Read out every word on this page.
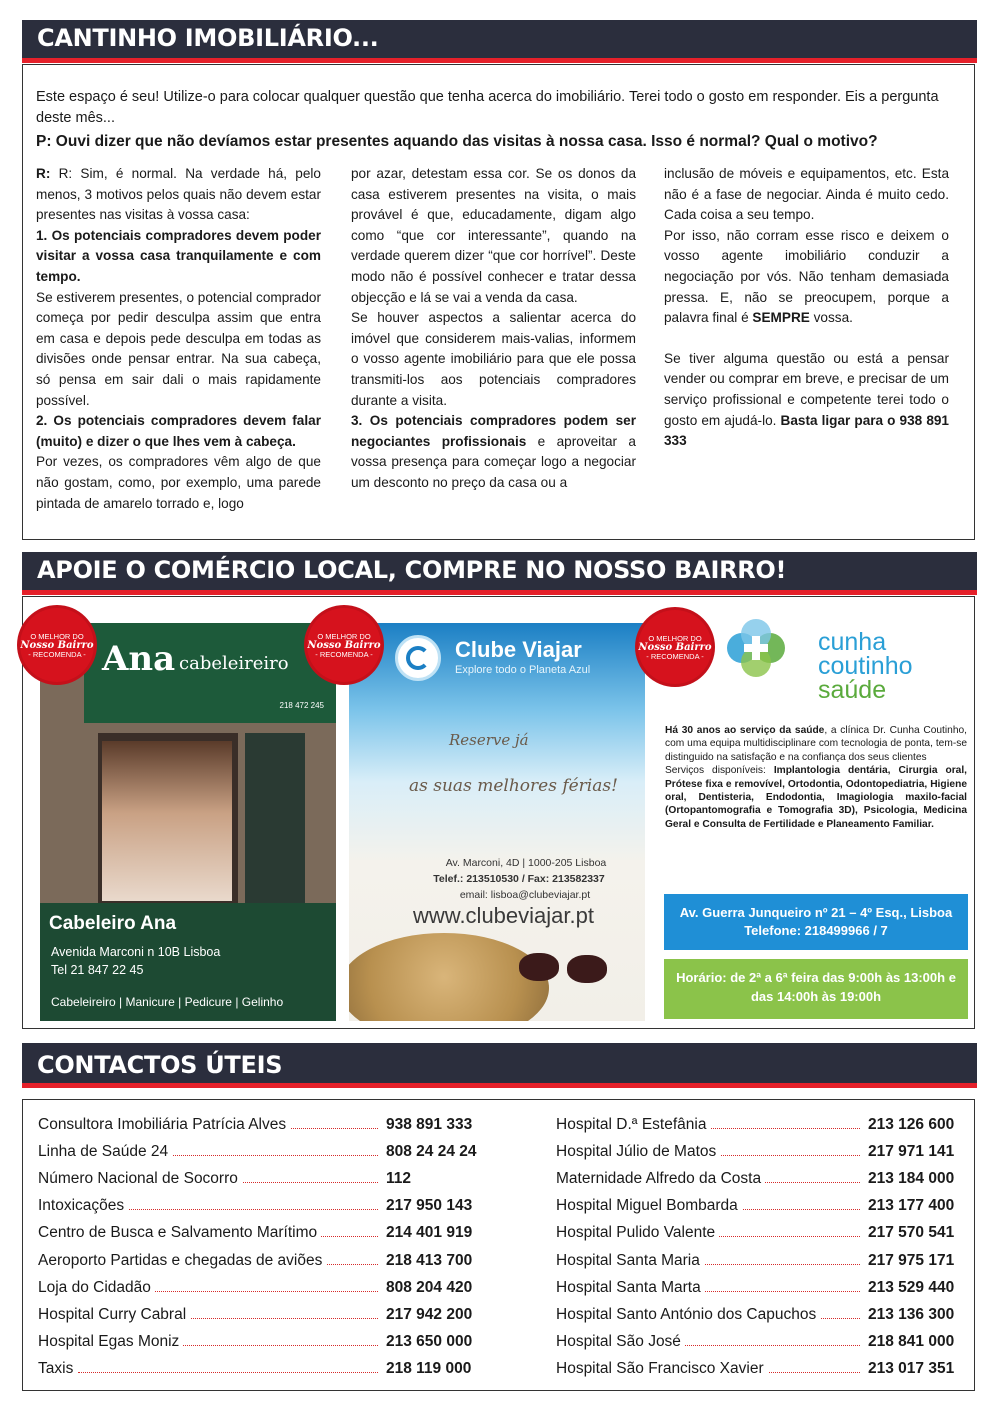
CANTINHO IMOBILIÁRIO...
Este espaço é seu! Utilize-o para colocar qualquer questão que tenha acerca do imobiliário. Terei todo o gosto em responder. Eis a pergunta deste mês...
P: Ouvi dizer que não devíamos estar presentes aquando das visitas à nossa casa. Isso é normal? Qual o motivo?

R: R: Sim, é normal. Na verdade há, pelo menos, 3 motivos pelos quais não devem estar presentes nas visitas à vossa casa:

1. Os potenciais compradores devem poder visitar a vossa casa tranquilamente e com tempo.

Se estiverem presentes, o potencial comprador começa por pedir desculpa assim que entra em casa e depois pede desculpa em todas as divisões onde pensar entrar. Na sua cabeça, só pensa em sair dali o mais rapidamente possível.

2. Os potenciais compradores devem falar (muito) e dizer o que lhes vem à cabeça.

Por vezes, os compradores vêm algo de que não gostam, como, por exemplo, uma parede pintada de amarelo torrado e, logo

por azar, detestam essa cor. Se os donos da casa estiverem presentes na visita, o mais provável é que, educadamente, digam algo como “que cor interessante”, quando na verdade querem dizer “que cor horrível”. Deste modo não é possível conhecer e tratar dessa objecção e lá se vai a venda da casa.

Se houver aspectos a salientar acerca do imóvel que considerem mais-valias, informem o vosso agente imobiliário para que ele possa transmiti-los aos potenciais compradores durante a visita.

3. Os potenciais compradores podem ser negociantes profissionais e aproveitar a vossa presença para começar logo a negociar um desconto no preço da casa ou a

inclusão de móveis e equipamentos, etc. Esta não é a fase de negociar. Ainda é muito cedo. Cada coisa a seu tempo.

Por isso, não corram esse risco e deixem o vosso agente imobiliário conduzir a negociação por vós. Não tenham demasiada pressa. E, não se preocupem, porque a palavra final é SEMPRE vossa.

Se tiver alguma questão ou está a pensar vender ou comprar em breve, e precisar de um serviço profissional e competente terei todo o gosto em ajudá-lo. Basta ligar para o 938 891 333

APOIE O COMÉRCIO LOCAL, COMPRE NO NOSSO BAIRRO!
Ana cabeleireiro
218 472 245
Cabeleiro Ana
Avenida Marconi n 10B Lisboa
Tel 21 847 22 45
Cabeleireiro | Manicure | Pedicure | Gelinho
Clube Viajar
Explore todo o Planeta Azul
Reserve já
as suas melhores férias!
Av. Marconi, 4D | 1000-205 Lisboa
Telef.: 213510530 / Fax: 213582337
email: lisboa@clubeviajar.pt
www.clubeviajar.pt
cunha
coutinho
saúde
Há 30 anos ao serviço da saúde, a clínica Dr. Cunha Coutinho, com uma equipa multidisciplinare com tecnologia de ponta, tem-se distinguido na satisfação e na confiança dos seus clientes
Serviços disponíveis: Implantologia dentária, Cirurgia oral, Prótese fixa e removível, Ortodontia, Odontopediatria, Higiene oral, Dentisteria, Endodontia, Imagiologia maxilo-facial (Ortopantomografia e Tomografia 3D), Psicologia, Medicina Geral e Consulta de Fertilidade e Planeamento Familiar.
Av. Guerra Junqueiro nº 21 – 4º Esq., Lisboa Telefone: 218499966 / 7
Horário: de 2ª a 6ª feira das 9:00h às 13:00h e das 14:00h às 19:00h
O MELHOR DO
Nosso Bairro
- RECOMENDA -
O MELHOR DO
Nosso Bairro
- RECOMENDA -
O MELHOR DO
Nosso Bairro
- RECOMENDA -
CONTACTOS ÚTEIS
Consultora Imobiliária Patrícia Alves	938 891 333
Linha de Saúde 24	808 24 24 24
Número Nacional de Socorro	112
Intoxicações	217 950 143
Centro de Busca e Salvamento Marítimo	214 401 919
Aeroporto Partidas e chegadas de aviões	218 413 700
Loja do Cidadão	808 204 420
Hospital Curry Cabral	217 942 200
Hospital Egas Moniz	213 650 000
Taxis	218 119 000
Hospital D.ª Estefânia	213 126 600
Hospital Júlio de Matos	217 971 141
Maternidade Alfredo da Costa	213 184 000
Hospital Miguel Bombarda	213 177 400
Hospital Pulido Valente	217 570 541
Hospital Santa Maria	217 975 171
Hospital Santa Marta	213 529 440
Hospital Santo António dos Capuchos	213 136 300
Hospital São José	218 841 000
Hospital São Francisco Xavier	213 017 351
